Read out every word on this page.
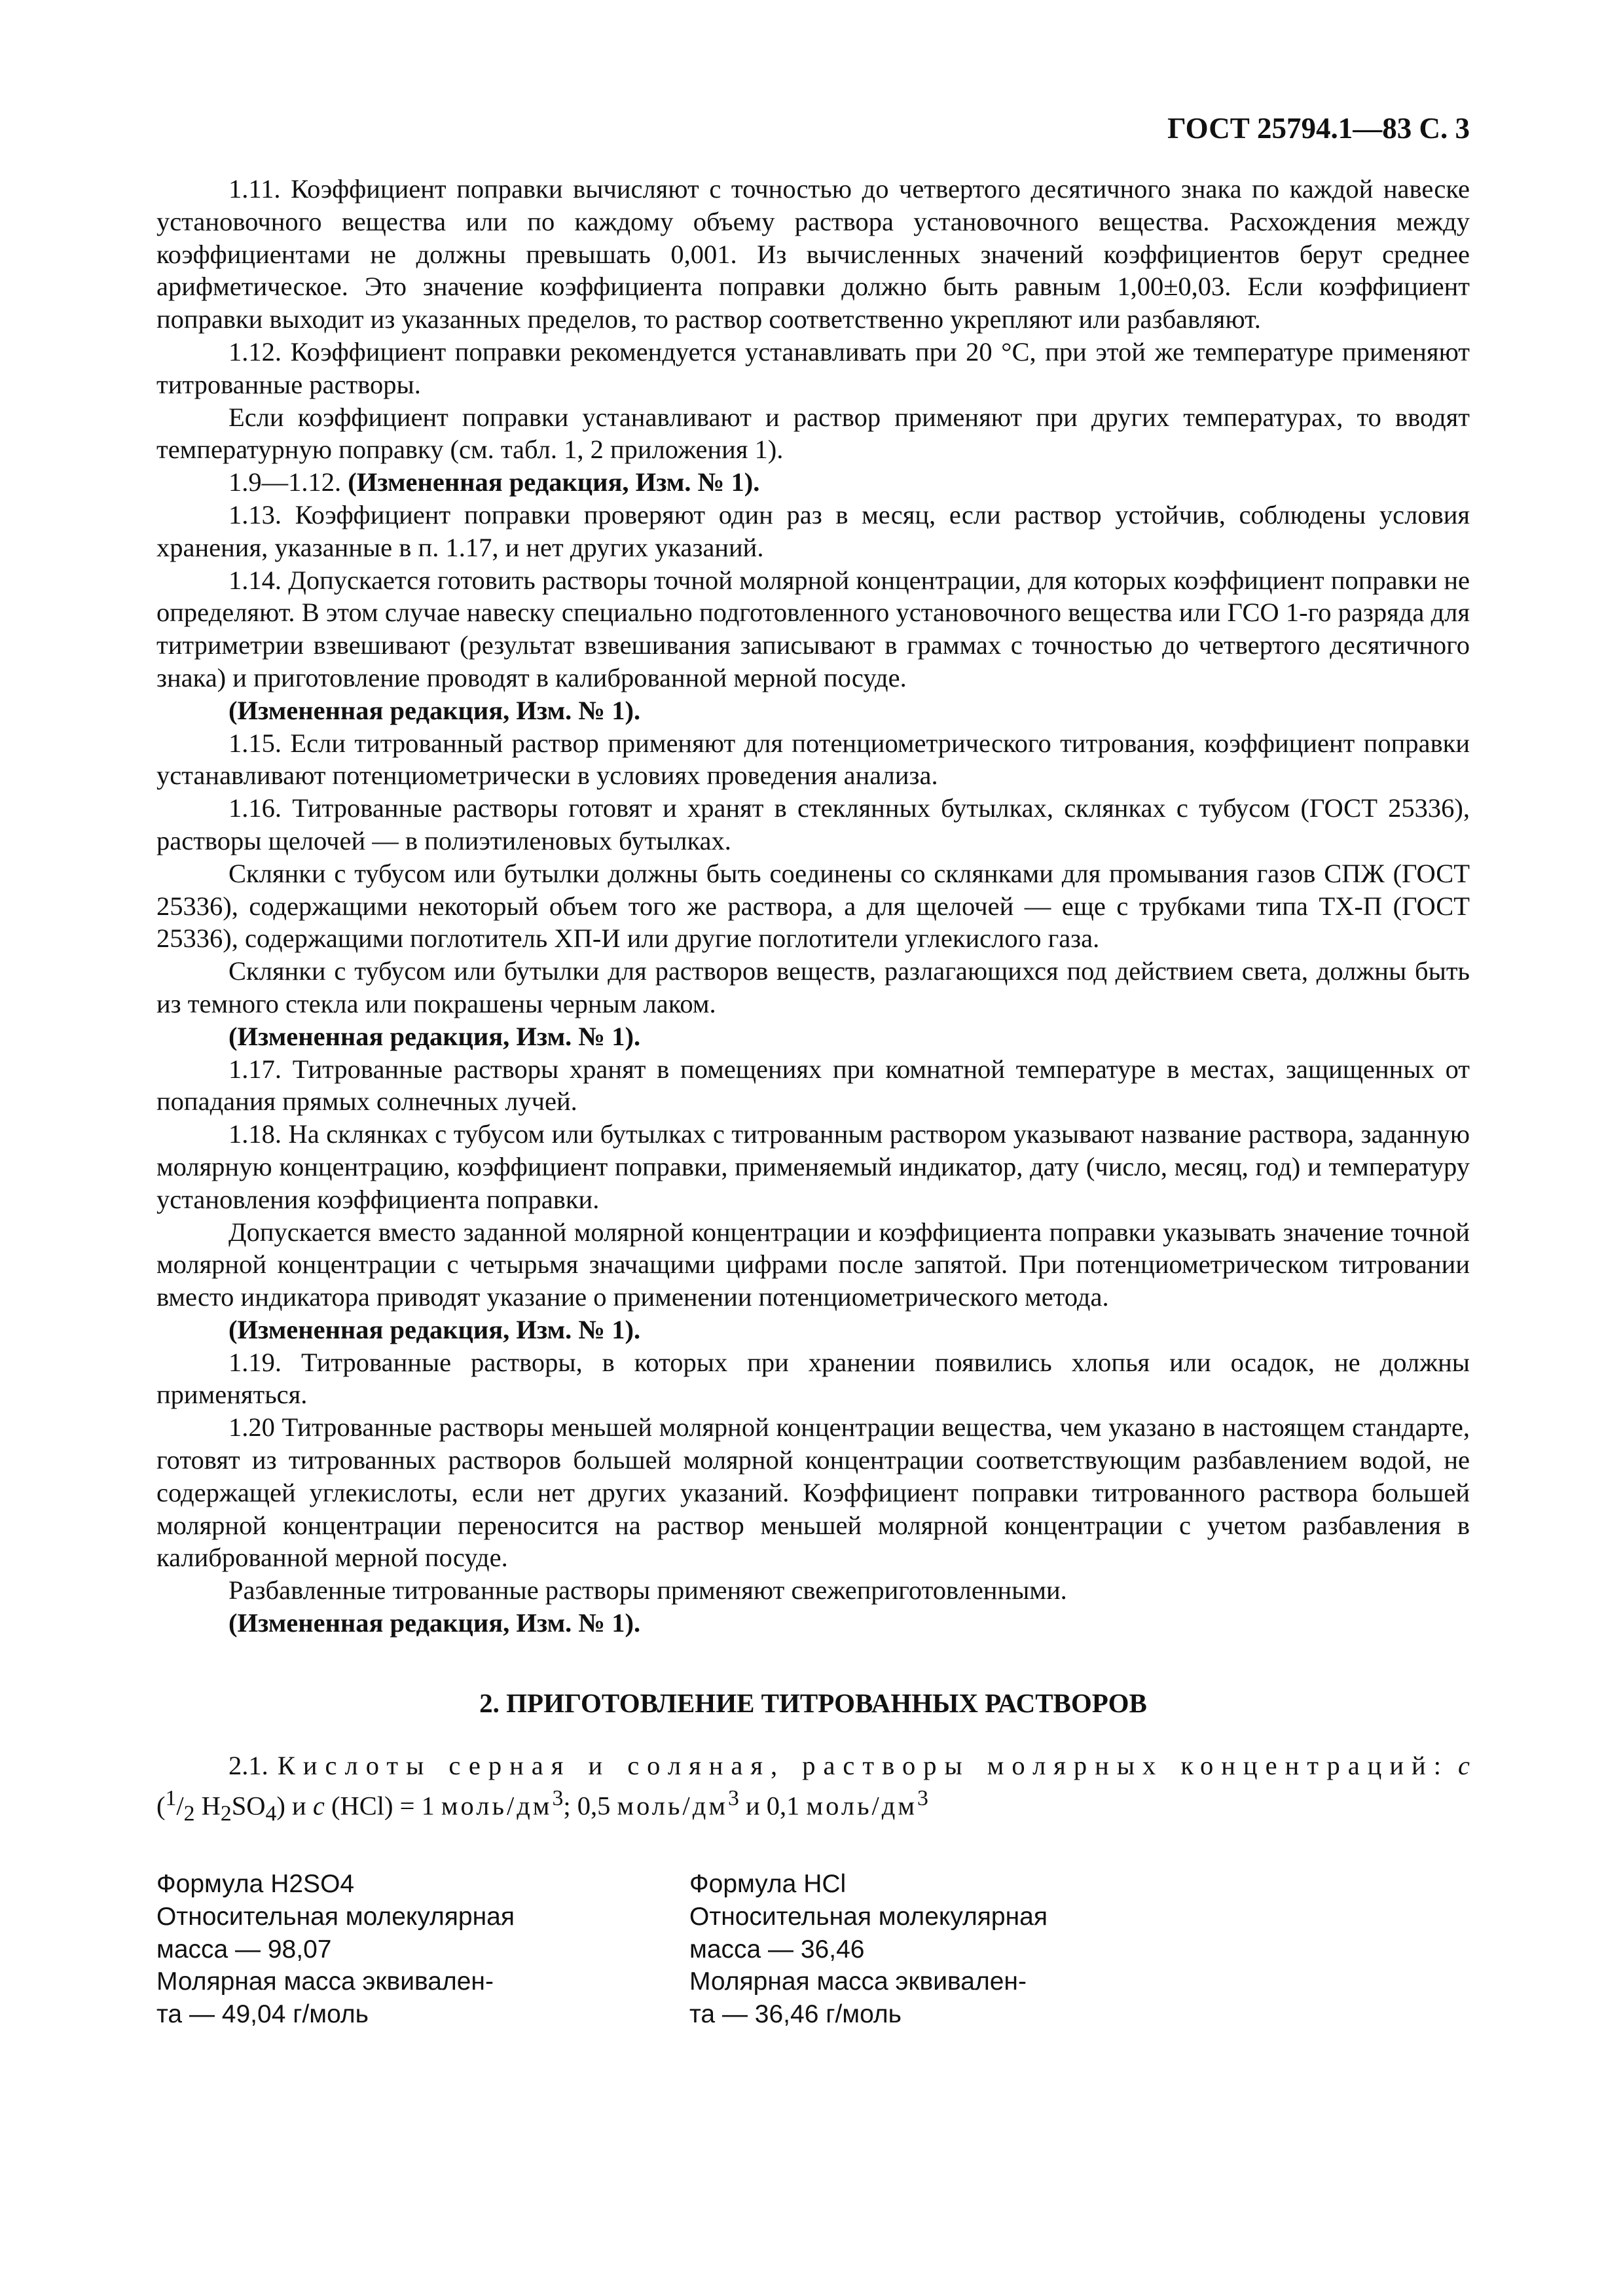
ГОСТ 25794.1—83 С. 3

1.11. Коэффициент поправки вычисляют с точностью до четвертого десятичного знака по каждой навеске установочного вещества или по каждому объему раствора установочного вещества. Расхождения между коэффициентами не должны превышать 0,001. Из вычисленных значений коэффициентов берут среднее арифметическое. Это значение коэффициента поправки должно быть равным 1,00±0,03. Если коэффициент поправки выходит из указанных пределов, то раствор соответственно укрепляют или разбавляют.

1.12. Коэффициент поправки рекомендуется устанавливать при 20 °С, при этой же температуре применяют титрованные растворы.

Если коэффициент поправки устанавливают и раствор применяют при других температурах, то вводят температурную поправку (см. табл. 1, 2 приложения 1).

1.9—1.12. (Измененная редакция, Изм. № 1).

1.13. Коэффициент поправки проверяют один раз в месяц, если раствор устойчив, соблюдены условия хранения, указанные в п. 1.17, и нет других указаний.

1.14. Допускается готовить растворы точной молярной концентрации, для которых коэффициент поправки не определяют. В этом случае навеску специально подготовленного установочного вещества или ГСО 1-го разряда для титриметрии взвешивают (результат взвешивания записывают в граммах с точностью до четвертого десятичного знака) и приготовление проводят в калиброванной мерной посуде.

(Измененная редакция, Изм. № 1).

1.15. Если титрованный раствор применяют для потенциометрического титрования, коэффициент поправки устанавливают потенциометрически в условиях проведения анализа.

1.16. Титрованные растворы готовят и хранят в стеклянных бутылках, склянках с тубусом (ГОСТ 25336), растворы щелочей — в полиэтиленовых бутылках.

Склянки с тубусом или бутылки должны быть соединены со склянками для промывания газов СПЖ (ГОСТ 25336), содержащими некоторый объем того же раствора, а для щелочей — еще с трубками типа ТХ-П (ГОСТ 25336), содержащими поглотитель ХП-И или другие поглотители углекислого газа.

Склянки с тубусом или бутылки для растворов веществ, разлагающихся под действием света, должны быть из темного стекла или покрашены черным лаком.

(Измененная редакция, Изм. № 1).

1.17. Титрованные растворы хранят в помещениях при комнатной температуре в местах, защищенных от попадания прямых солнечных лучей.

1.18. На склянках с тубусом или бутылках с титрованным раствором указывают название раствора, заданную молярную концентрацию, коэффициент поправки, применяемый индикатор, дату (число, месяц, год) и температуру установления коэффициента поправки.

Допускается вместо заданной молярной концентрации и коэффициента поправки указывать значение точной молярной концентрации с четырьмя значащими цифрами после запятой. При потенциометрическом титровании вместо индикатора приводят указание о применении потенциометрического метода.

(Измененная редакция, Изм. № 1).

1.19. Титрованные растворы, в которых при хранении появились хлопья или осадок, не должны применяться.

1.20 Титрованные растворы меньшей молярной концентрации вещества, чем указано в настоящем стандарте, готовят из титрованных растворов большей молярной концентрации соответствующим разбавлением водой, не содержащей углекислоты, если нет других указаний. Коэффициент поправки титрованного раствора большей молярной концентрации переносится на раствор меньшей молярной концентрации с учетом разбавления в калиброванной мерной посуде.

Разбавленные титрованные растворы применяют свежеприготовленными.

(Измененная редакция, Изм. № 1).

2. ПРИГОТОВЛЕНИЕ ТИТРОВАННЫХ РАСТВОРОВ

2.1. Кислоты серная и соляная, растворы молярных концентраций: c ($^1/_2$ $H_2SO_4$) и c (HCl) = 1 моль/$дм^3$; 0,5 моль/$дм^3$ и 0,1 моль/$дм^3$

Формула H2SO4

Относительная молекулярная

масса — 98,07

Молярная масса эквивален-

та — 49,04 г/моль

Формула HCl

Относительная молекулярная

масса — 36,46

Молярная масса эквивален-

та — 36,46 г/моль
